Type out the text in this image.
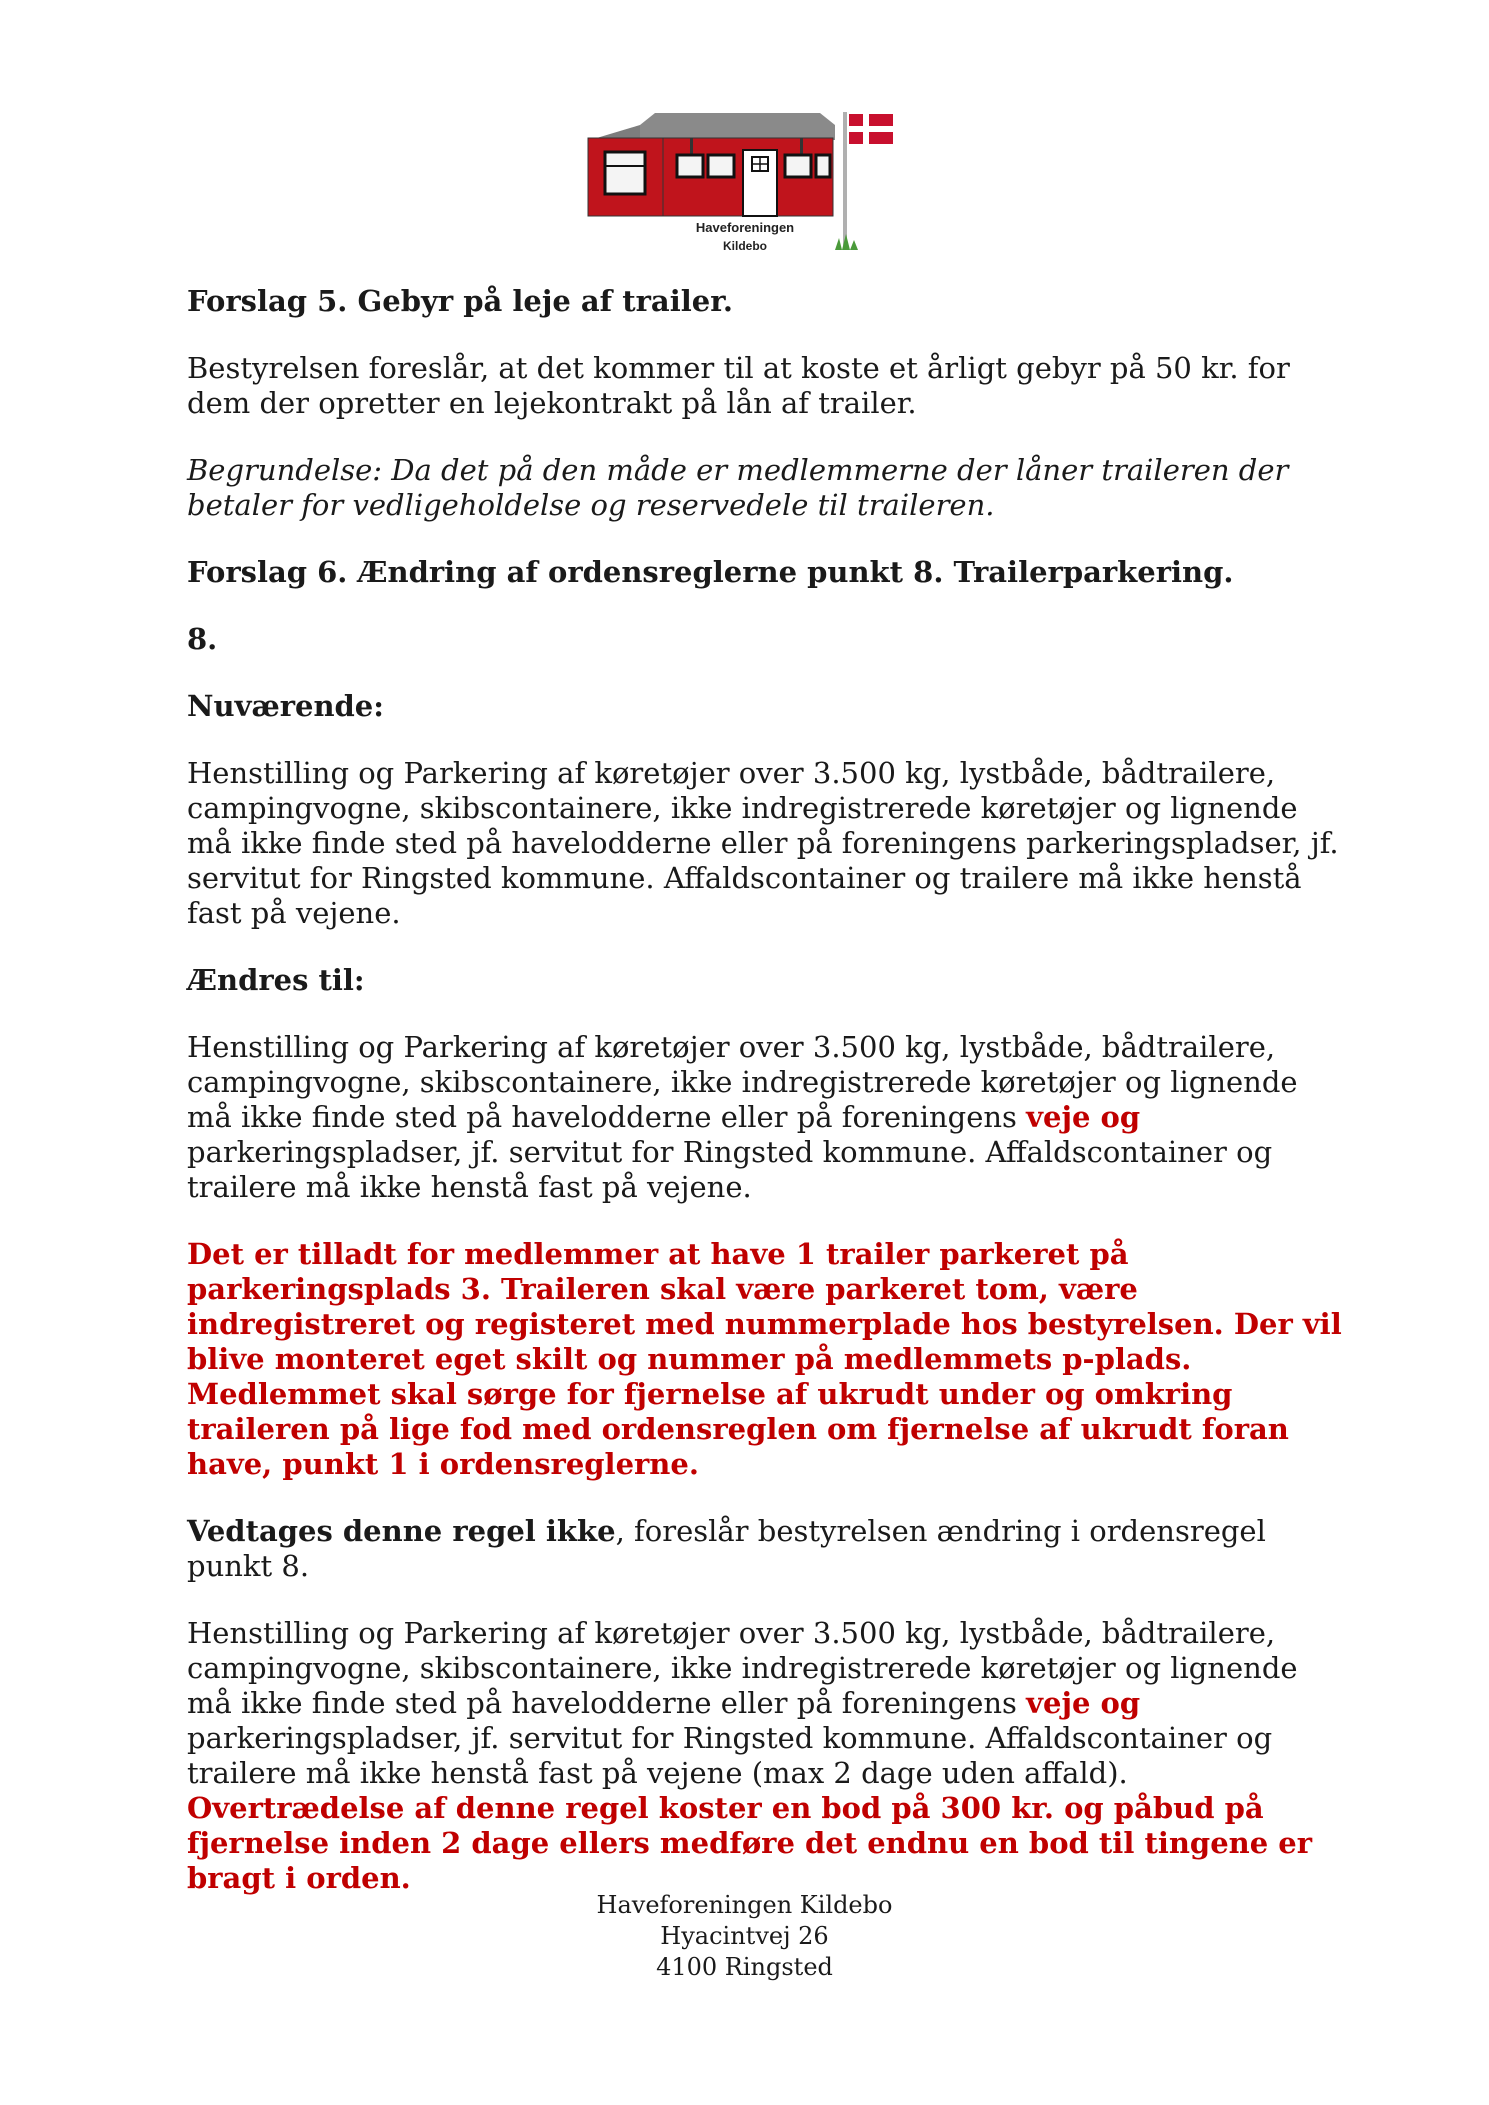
Haveforeningen
Kildebo

Forslag 5. Gebyr på leje af trailer.

Bestyrelsen foreslår, at det kommer til at koste et årligt gebyr på 50 kr. for dem der opretter en lejekontrakt på lån af trailer.

Begrundelse: Da det på den måde er medlemmerne der låner traileren der betaler for vedligeholdelse og reservedele til traileren.

Forslag 6. Ændring af ordensreglerne punkt 8. Trailerparkering.

8.

Nuværende:

Henstilling og Parkering af køretøjer over 3.500 kg, lystbåde, bådtrailere, campingvogne, skibscontainere, ikke indregistrerede køretøjer og lignende må ikke finde sted på havelodderne eller på foreningens parkeringspladser, jf. servitut for Ringsted kommune. Affaldscontainer og trailere må ikke henstå fast på vejene.

Ændres til:

Henstilling og Parkering af køretøjer over 3.500 kg, lystbåde, bådtrailere, campingvogne, skibscontainere, ikke indregistrerede køretøjer og lignende må ikke finde sted på havelodderne eller på foreningens veje og parkeringspladser, jf. servitut for Ringsted kommune. Affaldscontainer og trailere må ikke henstå fast på vejene.

Det er tilladt for medlemmer at have 1 trailer parkeret på parkeringsplads 3. Traileren skal være parkeret tom, være indregistreret og registeret med nummerplade hos bestyrelsen. Der vil blive monteret eget skilt og nummer på medlemmets p-plads. Medlemmet skal sørge for fjernelse af ukrudt under og omkring traileren på lige fod med ordensreglen om fjernelse af ukrudt foran have, punkt 1 i ordensreglerne.

Vedtages denne regel ikke, foreslår bestyrelsen ændring i ordensregel punkt 8.

Henstilling og Parkering af køretøjer over 3.500 kg, lystbåde, bådtrailere, campingvogne, skibscontainere, ikke indregistrerede køretøjer og lignende må ikke finde sted på havelodderne eller på foreningens veje og parkeringspladser, jf. servitut for Ringsted kommune. Affaldscontainer og trailere må ikke henstå fast på vejene (max 2 dage uden affald). Overtrædelse af denne regel koster en bod på 300 kr. og påbud på fjernelse inden 2 dage ellers medføre det endnu en bod til tingene er bragt i orden.

Haveforeningen Kildebo
Hyacintvej 26
4100 Ringsted
